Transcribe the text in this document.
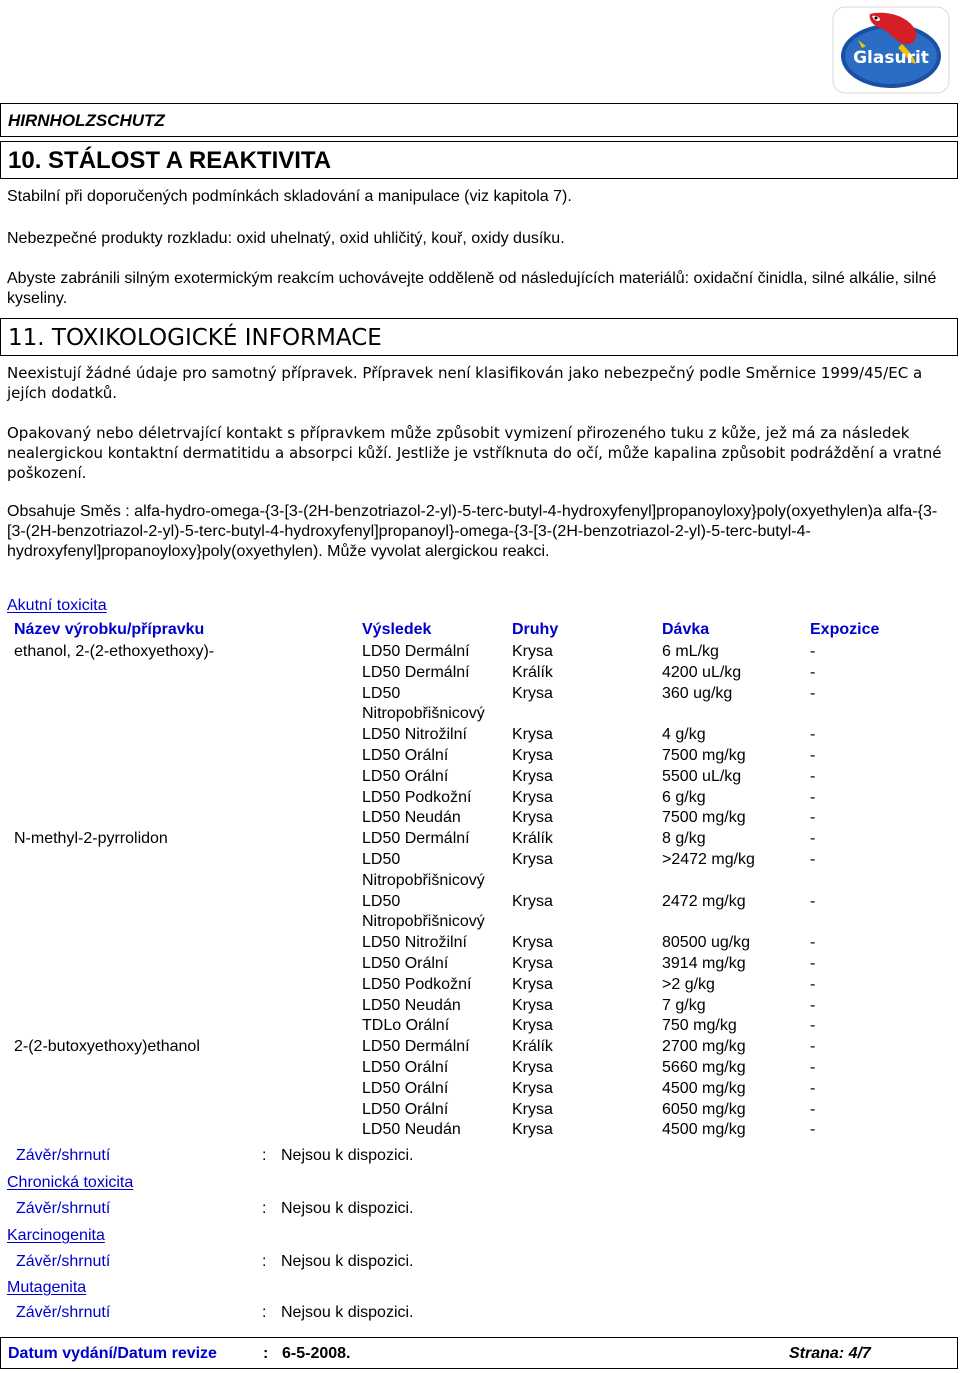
Glasurit
HIRNHOLZSCHUTZ
10. STÁLOST A REAKTIVITA
Stabilní při doporučených podmínkách skladování a manipulace (viz kapitola 7).
Nebezpečné produkty rozkladu: oxid uhelnatý, oxid uhličitý, kouř, oxidy dusíku.
Abyste zabránili silným exotermickým reakcím uchovávejte odděleně od následujících materiálů: oxidační činidla, silné alkálie, silné kyseliny.
11. TOXIKOLOGICKÉ INFORMACE
Neexistují žádné údaje pro samotný přípravek. Přípravek není klasifikován jako nebezpečný podle Směrnice 1999/45/EC a jejích dodatků.
Opakovaný nebo déletrvající kontakt s přípravkem může způsobit vymizení přirozeného tuku z kůže, jež má za následek nealergickou kontaktní dermatitidu a absorpci kůží. Jestliže je vstříknuta do očí, může kapalina způsobit podráždění a vratné poškození.
Obsahuje Směs : alfa-hydro-omega-{3-[3-(2H-benzotriazol-2-yl)-5-terc-butyl-4-hydroxyfenyl]propanoyloxy}poly(oxyethylen)a alfa-{3-[3-(2H-benzotriazol-2-yl)-5-terc-butyl-4-hydroxyfenyl]propanoyl}-omega-{3-[3-(2H-benzotriazol-2-yl)-5-terc-butyl-4-hydroxyfenyl]propanoyloxy}poly(oxyethylen). Může vyvolat alergickou reakci.
Akutní toxicita
Název výrobku/přípravku	Výsledek	Druhy	Dávka	Expozice
ethanol, 2-(2-ethoxyethoxy)-	LD50 Dermální	Krysa	6 mL/kg	-
	LD50 Dermální	Králík	4200 uL/kg	-
	LD50	Krysa	360 ug/kg	-
	Nitropobřišnicový			
	LD50 Nitrožilní	Krysa	4 g/kg	-
	LD50 Orální	Krysa	7500 mg/kg	-
	LD50 Orální	Krysa	5500 uL/kg	-
	LD50 Podkožní	Krysa	6 g/kg	-
	LD50 Neudán	Krysa	7500 mg/kg	-
N-methyl-2-pyrrolidon	LD50 Dermální	Králík	8 g/kg	-
	LD50	Krysa	>2472 mg/kg	-
	Nitropobřišnicový			
	LD50	Krysa	2472 mg/kg	-
	Nitropobřišnicový			
	LD50 Nitrožilní	Krysa	80500 ug/kg	-
	LD50 Orální	Krysa	3914 mg/kg	-
	LD50 Podkožní	Krysa	>2 g/kg	-
	LD50 Neudán	Krysa	7 g/kg	-
	TDLo Orální	Krysa	750 mg/kg	-
2-(2-butoxyethoxy)ethanol	LD50 Dermální	Králík	2700 mg/kg	-
	LD50 Orální	Krysa	5660 mg/kg	-
	LD50 Orální	Krysa	4500 mg/kg	-
	LD50 Orální	Krysa	6050 mg/kg	-
	LD50 Neudán	Krysa	4500 mg/kg	-
Závěr/shrnutí	: Nejsou k dispozici.
Chronická toxicita
Závěr/shrnutí	: Nejsou k dispozici.
Karcinogenita
Závěr/shrnutí	: Nejsou k dispozici.
Mutagenita
Závěr/shrnutí	: Nejsou k dispozici.
Datum vydání/Datum revize	: 6-5-2008.	Strana: 4/7
